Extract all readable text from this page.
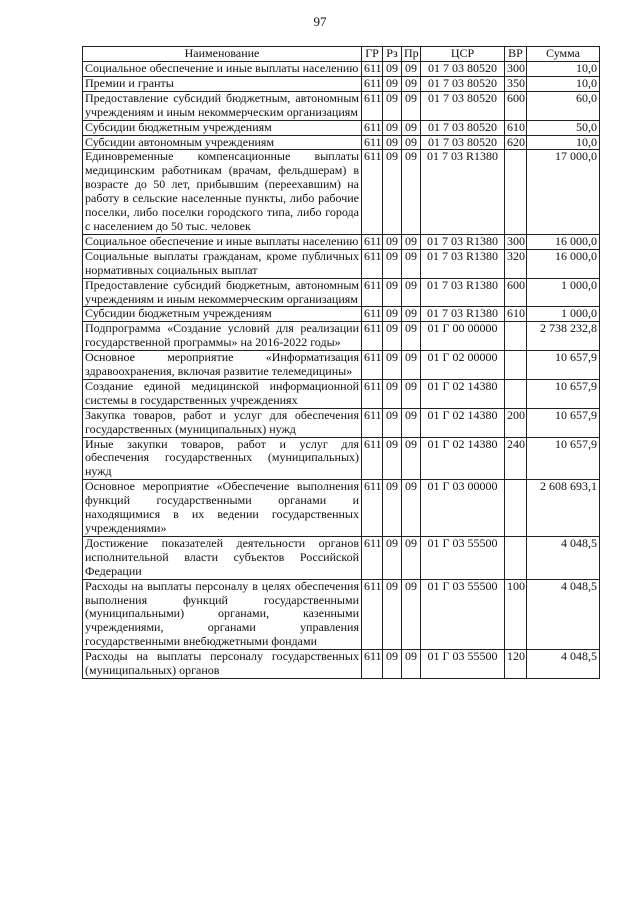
97
Наименование	ГР	Рз	Пр	ЦСР	ВР	Сумма
Социальное обеспечение и иные выплаты населению	611	09	09	01 7 03 80520	300	10,0
Премии и гранты	611	09	09	01 7 03 80520	350	10,0
Предоставление субсидий бюджетным, автономным учреждениям и иным некоммерческим организациям	611	09	09	01 7 03 80520	600	60,0
Субсидии бюджетным учреждениям	611	09	09	01 7 03 80520	610	50,0
Субсидии автономным учреждениям	611	09	09	01 7 03 80520	620	10,0
Единовременные компенсационные выплаты медицинским работникам (врачам, фельдшерам) в возрасте до 50 лет, прибывшим (переехавшим) на работу в сельские населенные пункты, либо рабочие поселки, либо поселки городского типа, либо города с населением до 50 тыс. человек	611	09	09	01 7 03 R1380		17 000,0
Социальное обеспечение и иные выплаты населению	611	09	09	01 7 03 R1380	300	16 000,0
Социальные выплаты гражданам, кроме публичных нормативных социальных выплат	611	09	09	01 7 03 R1380	320	16 000,0
Предоставление субсидий бюджетным, автономным учреждениям и иным некоммерческим организациям	611	09	09	01 7 03 R1380	600	1 000,0
Субсидии бюджетным учреждениям	611	09	09	01 7 03 R1380	610	1 000,0
Подпрограмма «Создание условий для реализации государственной программы» на 2016-2022 годы»	611	09	09	01 Г 00 00000		2 738 232,8
Основное мероприятие «Информатизация здравоохранения, включая развитие телемедицины»	611	09	09	01 Г 02 00000		10 657,9
Создание единой медицинской информационной системы в государственных учреждениях	611	09	09	01 Г 02 14380		10 657,9
Закупка товаров, работ и услуг для обеспечения государственных (муниципальных) нужд	611	09	09	01 Г 02 14380	200	10 657,9
Иные закупки товаров, работ и услуг для обеспечения государственных (муниципальных) нужд	611	09	09	01 Г 02 14380	240	10 657,9
Основное мероприятие «Обеспечение выполнения функций государственными органами и находящимися в их ведении государственных учреждениями»	611	09	09	01 Г 03 00000		2 608 693,1
Достижение показателей деятельности органов исполнительной власти субъектов Российской Федерации	611	09	09	01 Г 03 55500		4 048,5
Расходы на выплаты персоналу в целях обеспечения выполнения функций государственными (муниципальными) органами, казенными учреждениями, органами управления государственными внебюджетными фондами	611	09	09	01 Г 03 55500	100	4 048,5
Расходы на выплаты персоналу государственных (муниципальных) органов	611	09	09	01 Г 03 55500	120	4 048,5
